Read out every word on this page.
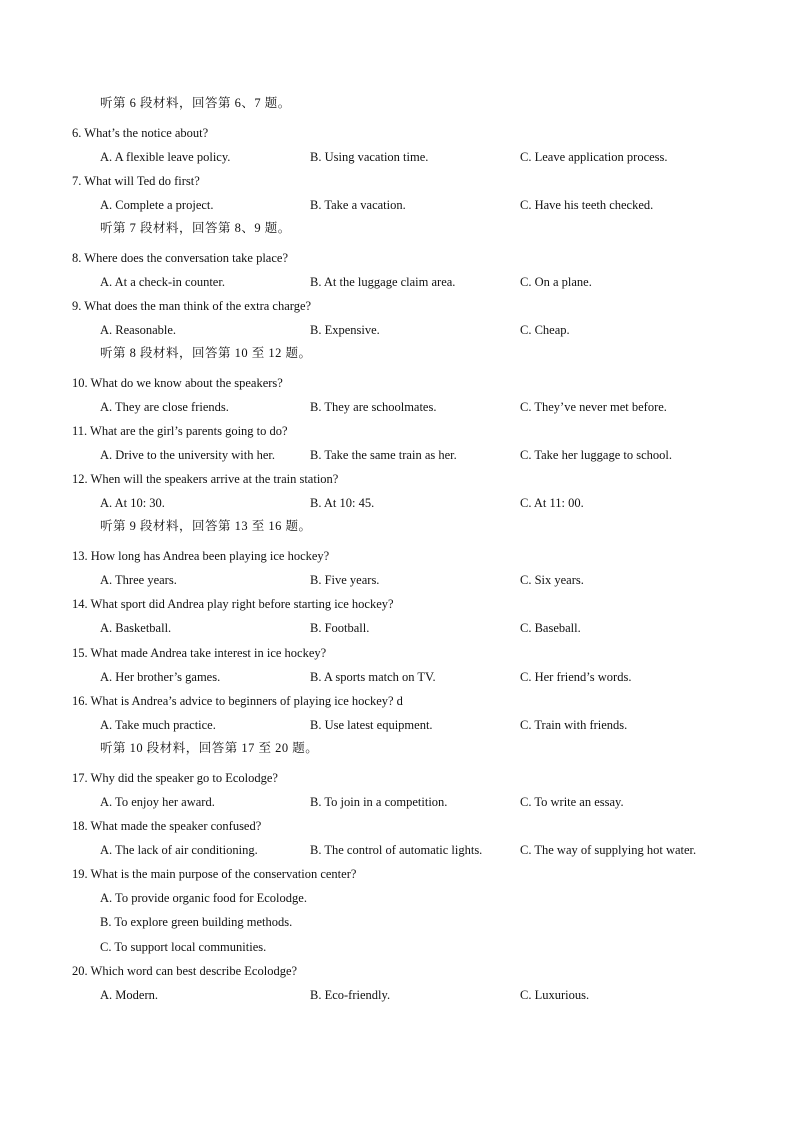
听第 6 段材料，回答第 6、7 题。
6. What’s the notice about?
A. A flexible leave policy.	B. Using vacation time.	C. Leave application process.
7. What will Ted do first?
A. Complete a project.	B. Take a vacation.	C. Have his teeth checked.
听第 7 段材料，回答第 8、9 题。
8. Where does the conversation take place?
A. At a check-in counter.	B. At the luggage claim area.	C. On a plane.
9. What does the man think of the extra charge?
A. Reasonable.	B. Expensive.	C. Cheap.
听第 8 段材料，回答第 10 至 12 题。
10. What do we know about the speakers?
A. They are close friends.	B. They are schoolmates.	C. They’ve never met before.
11. What are the girl’s parents going to do?
A. Drive to the university with her.	B. Take the same train as her.	C. Take her luggage to school.
12. When will the speakers arrive at the train station?
A. At 10: 30.	B. At 10: 45.	C. At 11: 00.
听第 9 段材料，回答第 13 至 16 题。
13. How long has Andrea been playing ice hockey?
A. Three years.	B. Five years.	C. Six years.
14. What sport did Andrea play right before starting ice hockey?
A. Basketball.	B. Football.	C. Baseball.
15. What made Andrea take interest in ice hockey?
A. Her brother’s games.	B. A sports match on TV.	C. Her friend’s words.
16. What is Andrea’s advice to beginners of playing ice hockey? d
A. Take much practice.	B. Use latest equipment.	C. Train with friends.
听第 10 段材料，回答第 17 至 20 题。
17. Why did the speaker go to Ecolodge?
A. To enjoy her award.	B. To join in a competition.	C. To write an essay.
18. What made the speaker confused?
A. The lack of air conditioning.	B. The control of automatic lights.	C. The way of supplying hot water.
19. What is the main purpose of the conservation center?
A. To provide organic food for Ecolodge.
B. To explore green building methods.
C. To support local communities.
20. Which word can best describe Ecolodge?
A. Modern.	B. Eco-friendly.	C. Luxurious.
